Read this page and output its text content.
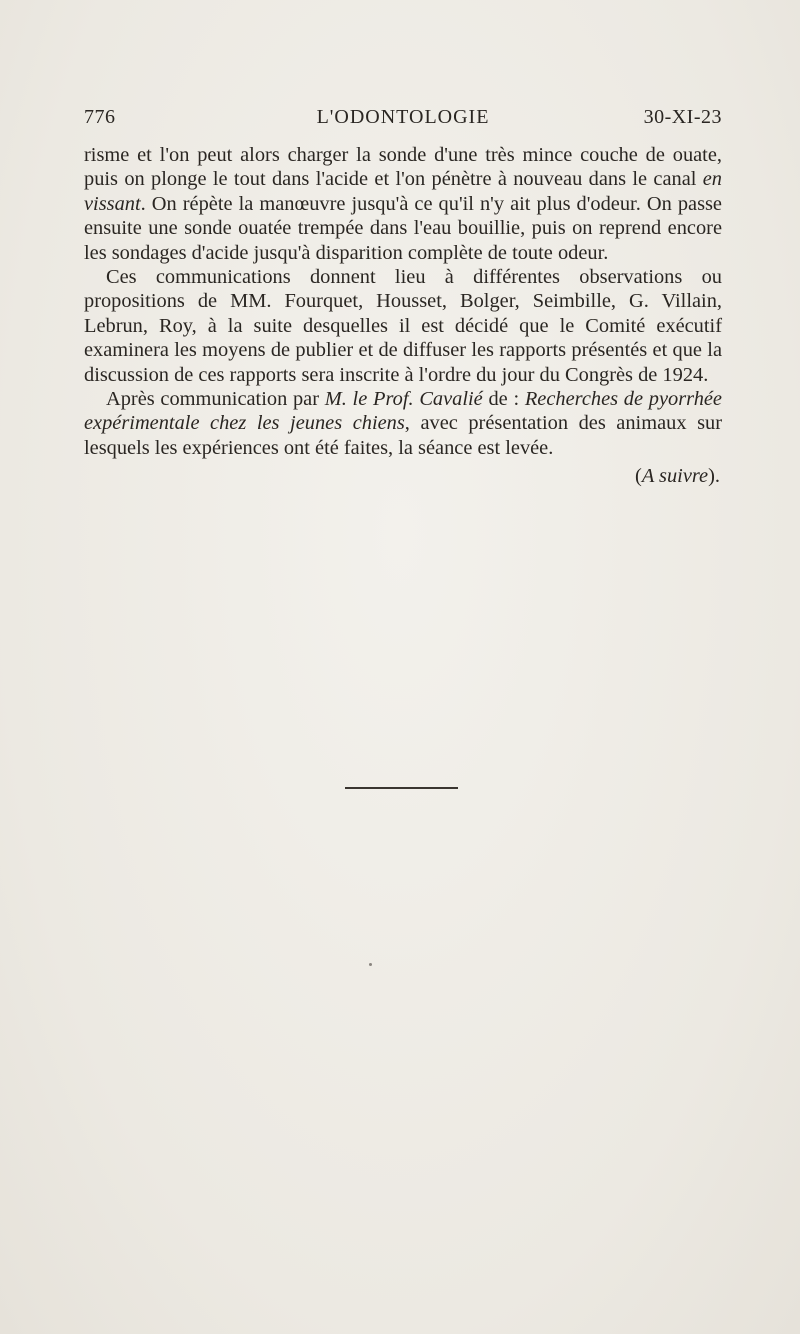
776	L'ODONTOLOGIE	30-XI-23

risme et l'on peut alors charger la sonde d'une très mince couche de ouate, puis on plonge le tout dans l'acide et l'on pénètre à nouveau dans le canal en vissant. On répète la manœuvre jusqu'à ce qu'il n'y ait plus d'odeur. On passe ensuite une sonde ouatée trempée dans l'eau bouillie, puis on reprend encore les sondages d'acide jusqu'à disparition complète de toute odeur.

Ces communications donnent lieu à différentes observations ou propositions de MM. Fourquet, Housset, Bolger, Seimbille, G. Villain, Lebrun, Roy, à la suite desquelles il est décidé que le Comité exécutif examinera les moyens de publier et de diffuser les rapports présentés et que la discussion de ces rapports sera inscrite à l'ordre du jour du Congrès de 1924.

Après communication par M. le Prof. Cavalié de : Recherches de pyorrhée expérimentale chez les jeunes chiens, avec présentation des animaux sur lesquels les expériences ont été faites, la séance est levée.

(A suivre).
